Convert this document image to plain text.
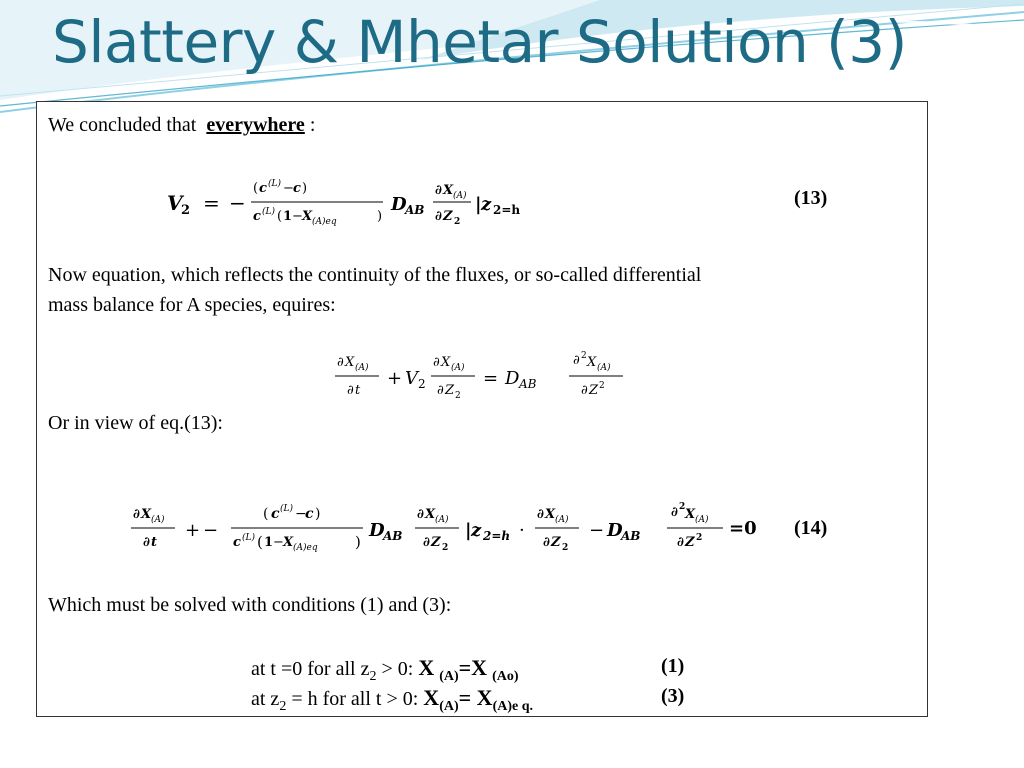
Slattery & Mhetar Solution (3)
We concluded that everywhere :
V
2 = −
( c (L) − c )
c (L) ( 1 − X (A)eq	)
D
AB
∂ X (A)
∂ Z 2
| z 2=h
(13)
Now equation, which reflects the continuity of the fluxes, or so-called differential
mass balance for A species, equires:
∂ X (A)
∂ t
+ V 2
∂ X (A)
∂ Z 2
= D AB
∂ 2 X (A)
∂ Z 2
Or in view of eq.(13):
∂ X (A)
∂ t
+ −
( c (L) −
c )
c (L) ( 1 − X (A)eq )
D
AB
∂ X (A)
∂ Z 2
| z 2=h ·
∂ X (A)
∂ Z 2
− D
AB
∂ 2 X (A)
∂ Z 2 =0 (14)
Which must be solved with conditions (1) and (3):
at t =0 for all $z_2 > 0$: X $_{(A)}$=X $_{(Ao)}$	(1)
at $z_2 = h$ for all t > 0: $X_{(A)}= X_{(A)e q.}$	(3)
